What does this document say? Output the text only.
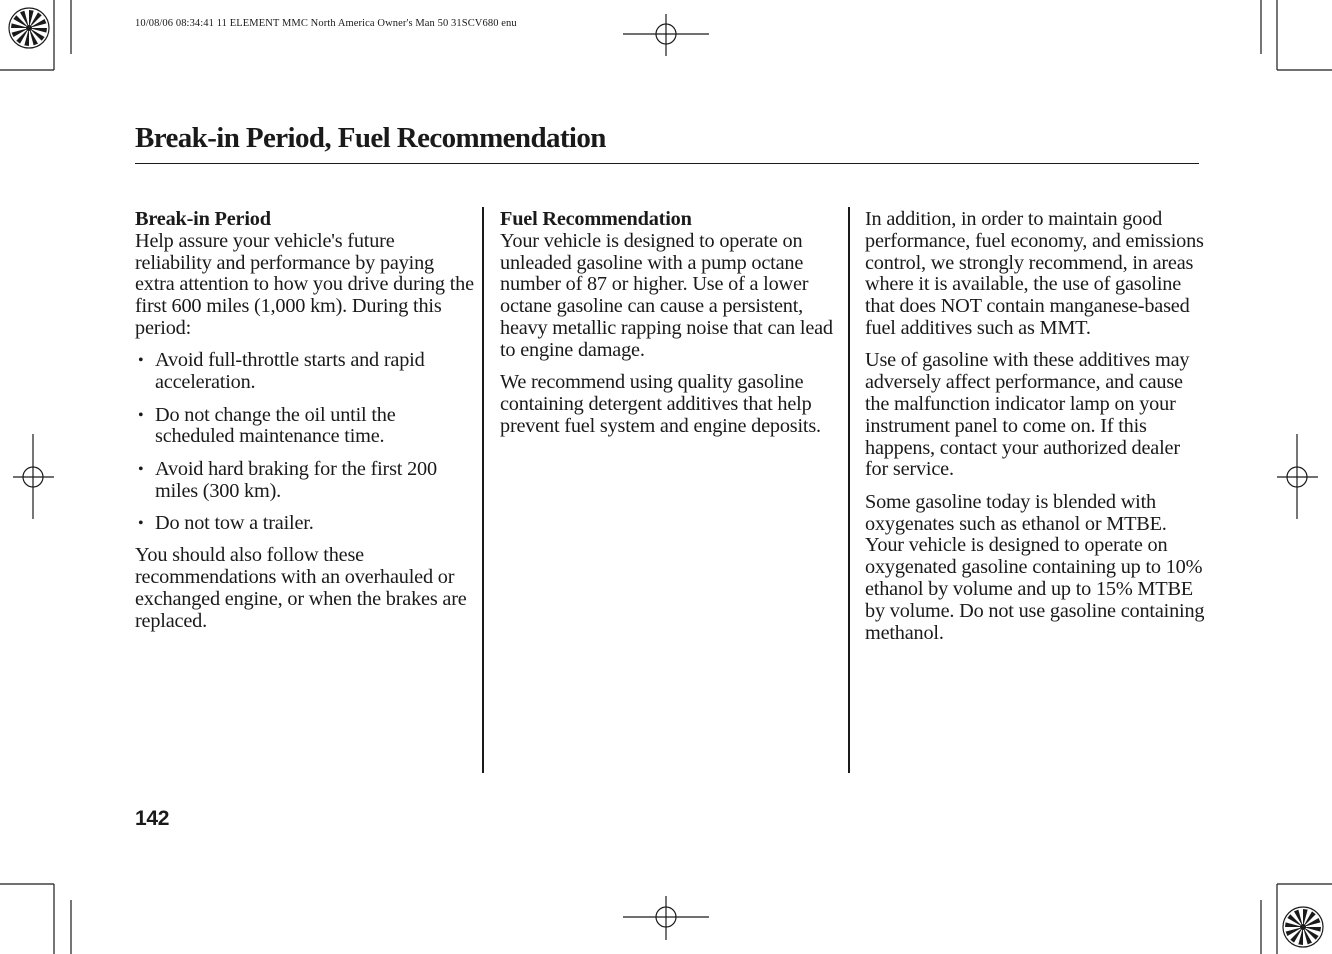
10/08/06 08:34:41 11 ELEMENT MMC North America Owner's Man 50 31SCV680 enu
Break-in Period, Fuel Recommendation
Break-in Period

Help assure your vehicle's future reliability and performance by paying extra attention to how you drive during the first 600 miles (1,000 km). During this period:

• Avoid full-throttle starts and rapid acceleration.
• Do not change the oil until the scheduled maintenance time.
• Avoid hard braking for the first 200 miles (300 km).
• Do not tow a trailer.

You should also follow these recommendations with an overhauled or exchanged engine, or when the brakes are replaced.

Fuel Recommendation

Your vehicle is designed to operate on unleaded gasoline with a pump octane number of 87 or higher. Use of a lower octane gasoline can cause a persistent, heavy metallic rapping noise that can lead to engine damage.

We recommend using quality gasoline containing detergent additives that help prevent fuel system and engine deposits.

In addition, in order to maintain good performance, fuel economy, and emissions control, we strongly recommend, in areas where it is available, the use of gasoline that does NOT contain manganese-based fuel additives such as MMT.

Use of gasoline with these additives may adversely affect performance, and cause the malfunction indicator lamp on your instrument panel to come on. If this happens, contact your authorized dealer for service.

Some gasoline today is blended with oxygenates such as ethanol or MTBE. Your vehicle is designed to operate on oxygenated gasoline containing up to 10% ethanol by volume and up to 15% MTBE by volume. Do not use gasoline containing methanol.

142
